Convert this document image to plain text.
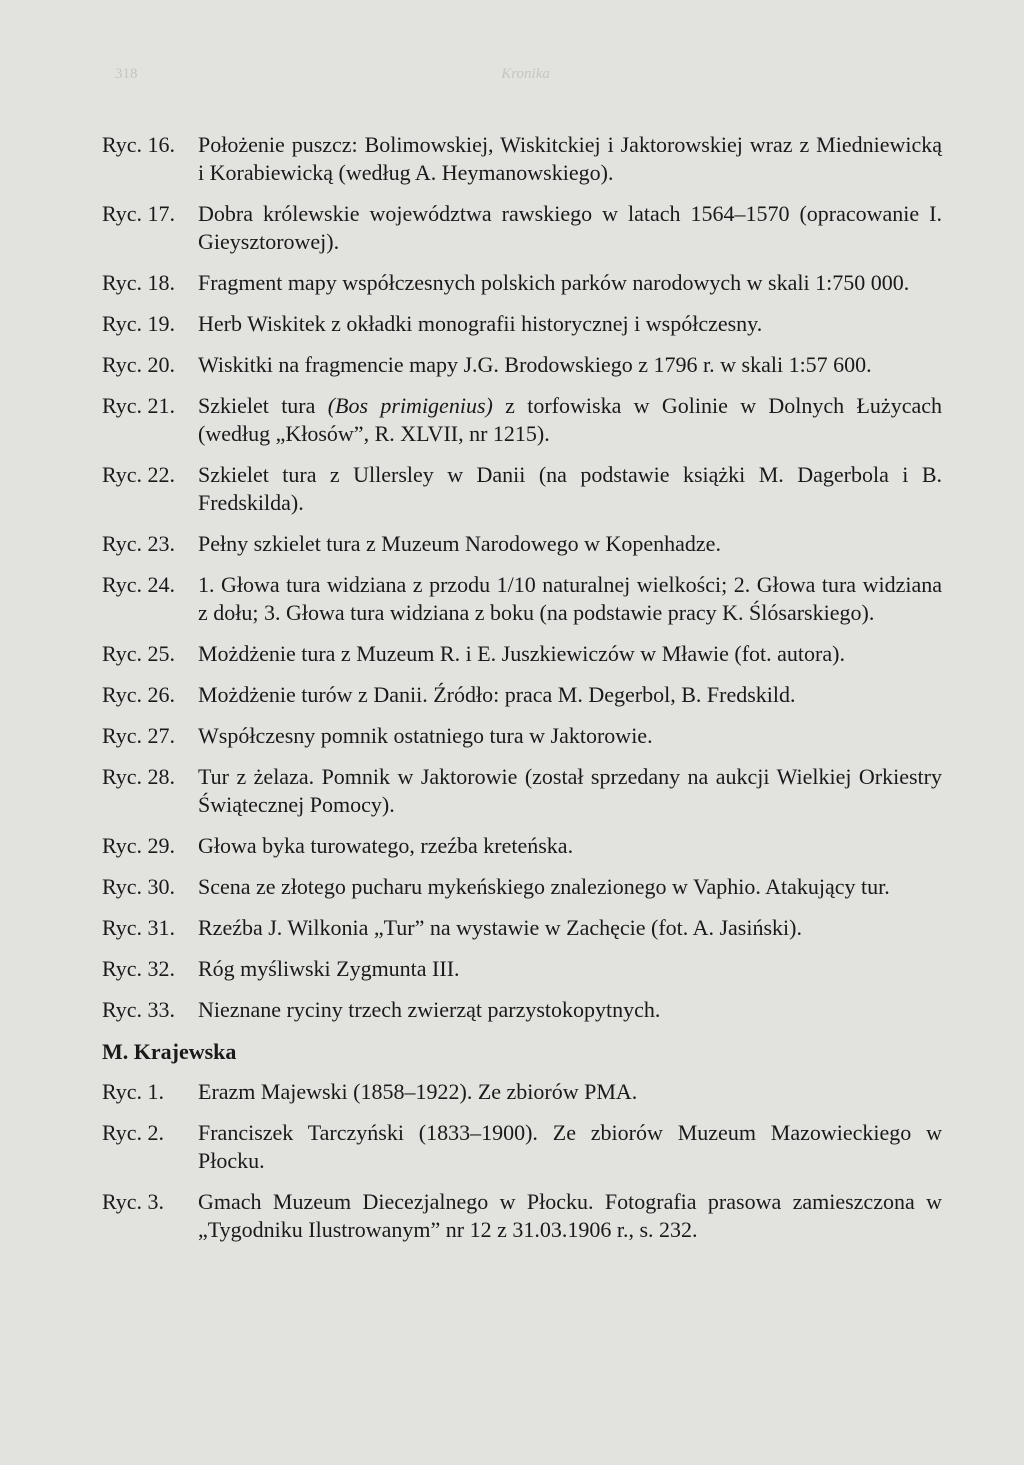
318	Kronika
Ryc. 16.	Położenie puszcz: Bolimowskiej, Wiskitckiej i Jaktorowskiej wraz z Miedniewicką i Korabiewicką (według A. Heymanowskiego).
Ryc. 17.	Dobra królewskie województwa rawskiego w latach 1564–1570 (opracowanie I. Gieysztorowej).
Ryc. 18.	Fragment mapy współczesnych polskich parków narodowych w skali 1:750 000.
Ryc. 19.	Herb Wiskitek z okładki monografii historycznej i współczesny.
Ryc. 20.	Wiskitki na fragmencie mapy J.G. Brodowskiego z 1796 r. w skali 1:57 600.
Ryc. 21.	Szkielet tura (Bos primigenius) z torfowiska w Golinie w Dolnych Łużycach (według „Kłosów”, R. XLVII, nr 1215).
Ryc. 22.	Szkielet tura z Ullersley w Danii (na podstawie książki M. Dagerbola i B. Fredskilda).
Ryc. 23.	Pełny szkielet tura z Muzeum Narodowego w Kopenhadze.
Ryc. 24.	1. Głowa tura widziana z przodu 1/10 naturalnej wielkości; 2. Głowa tura widziana z dołu; 3. Głowa tura widziana z boku (na podstawie pracy K. Ślósarskiego).
Ryc. 25.	Możdżenie tura z Muzeum R. i E. Juszkiewiczów w Mławie (fot. autora).
Ryc. 26.	Możdżenie turów z Danii. Źródło: praca M. Degerbol, B. Fredskild.
Ryc. 27.	Współczesny pomnik ostatniego tura w Jaktorowie.
Ryc. 28.	Tur z żelaza. Pomnik w Jaktorowie (został sprzedany na aukcji Wielkiej Orkiestry Świątecznej Pomocy).
Ryc. 29.	Głowa byka turowatego, rzeźba kreteńska.
Ryc. 30.	Scena ze złotego pucharu mykeńskiego znalezionego w Vaphio. Atakujący tur.
Ryc. 31.	Rzeźba J. Wilkonia „Tur” na wystawie w Zachęcie (fot. A. Jasiński).
Ryc. 32.	Róg myśliwski Zygmunta III.
Ryc. 33.	Nieznane ryciny trzech zwierząt parzystokopytnych.
M. Krajewska
Ryc. 1.	Erazm Majewski (1858–1922). Ze zbiorów PMA.
Ryc. 2.	Franciszek Tarczyński (1833–1900). Ze zbiorów Muzeum Mazowieckiego w Płocku.
Ryc. 3.	Gmach Muzeum Diecezjalnego w Płocku. Fotografia prasowa zamieszczona w „Tygodniku Ilustrowanym” nr 12 z 31.03.1906 r., s. 232.
